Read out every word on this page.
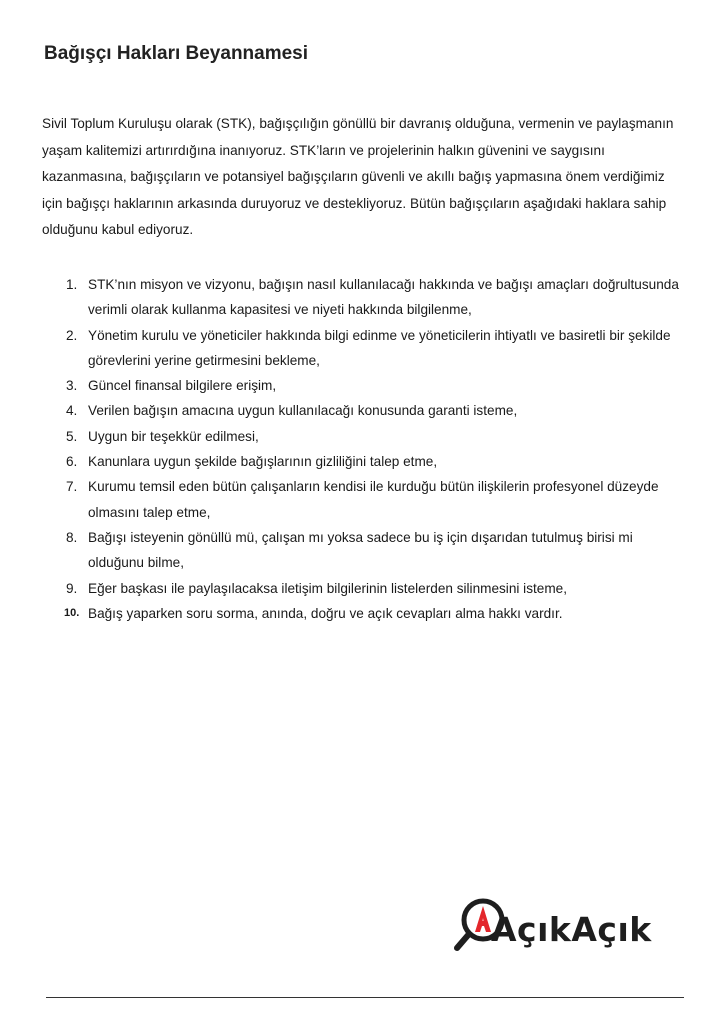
Bağışçı Hakları Beyannamesi

Sivil Toplum Kuruluşu olarak (STK), bağışçılığın gönüllü bir davranış olduğuna, vermenin ve paylaşmanın yaşam kalitemizi artırırdığına inanıyoruz. STK’ların ve projelerinin halkın güvenini ve saygısını kazanmasına, bağışçıların ve potansiyel bağışçıların güvenli ve akıllı bağış yapmasına önem verdiğimiz için bağışçı haklarının arkasında duruyoruz ve destekliyoruz. Bütün bağışçıların aşağıdaki haklara sahip olduğunu kabul ediyoruz.

1. STK’nın misyon ve vizyonu, bağışın nasıl kullanılacağı hakkında ve bağışı amaçları doğrultusunda verimli olarak kullanma kapasitesi ve niyeti hakkında bilgilenme,
2. Yönetim kurulu ve yöneticiler hakkında bilgi edinme ve yöneticilerin ihtiyatlı ve basiretli bir şekilde görevlerini yerine getirmesini bekleme,
3. Güncel finansal bilgilere erişim,
4. Verilen bağışın amacına uygun kullanılacağı konusunda garanti isteme,
5. Uygun bir teşekkür edilmesi,
6. Kanunlara uygun şekilde bağışlarının gizliliğini talep etme,
7. Kurumu temsil eden bütün çalışanların kendisi ile kurduğu bütün ilişkilerin profesyonel düzeyde olmasını talep etme,
8. Bağışı isteyenin gönüllü mü, çalışan mı yoksa sadece bu iş için dışarıdan tutulmuş birisi mi olduğunu bilme,
9. Eğer başkası ile paylaşılacaksa iletişim bilgilerinin listelerden silinmesini isteme,
10. Bağış yaparken soru sorma, anında, doğru ve açık cevapları alma hakkı vardır.
AçıkAçık
